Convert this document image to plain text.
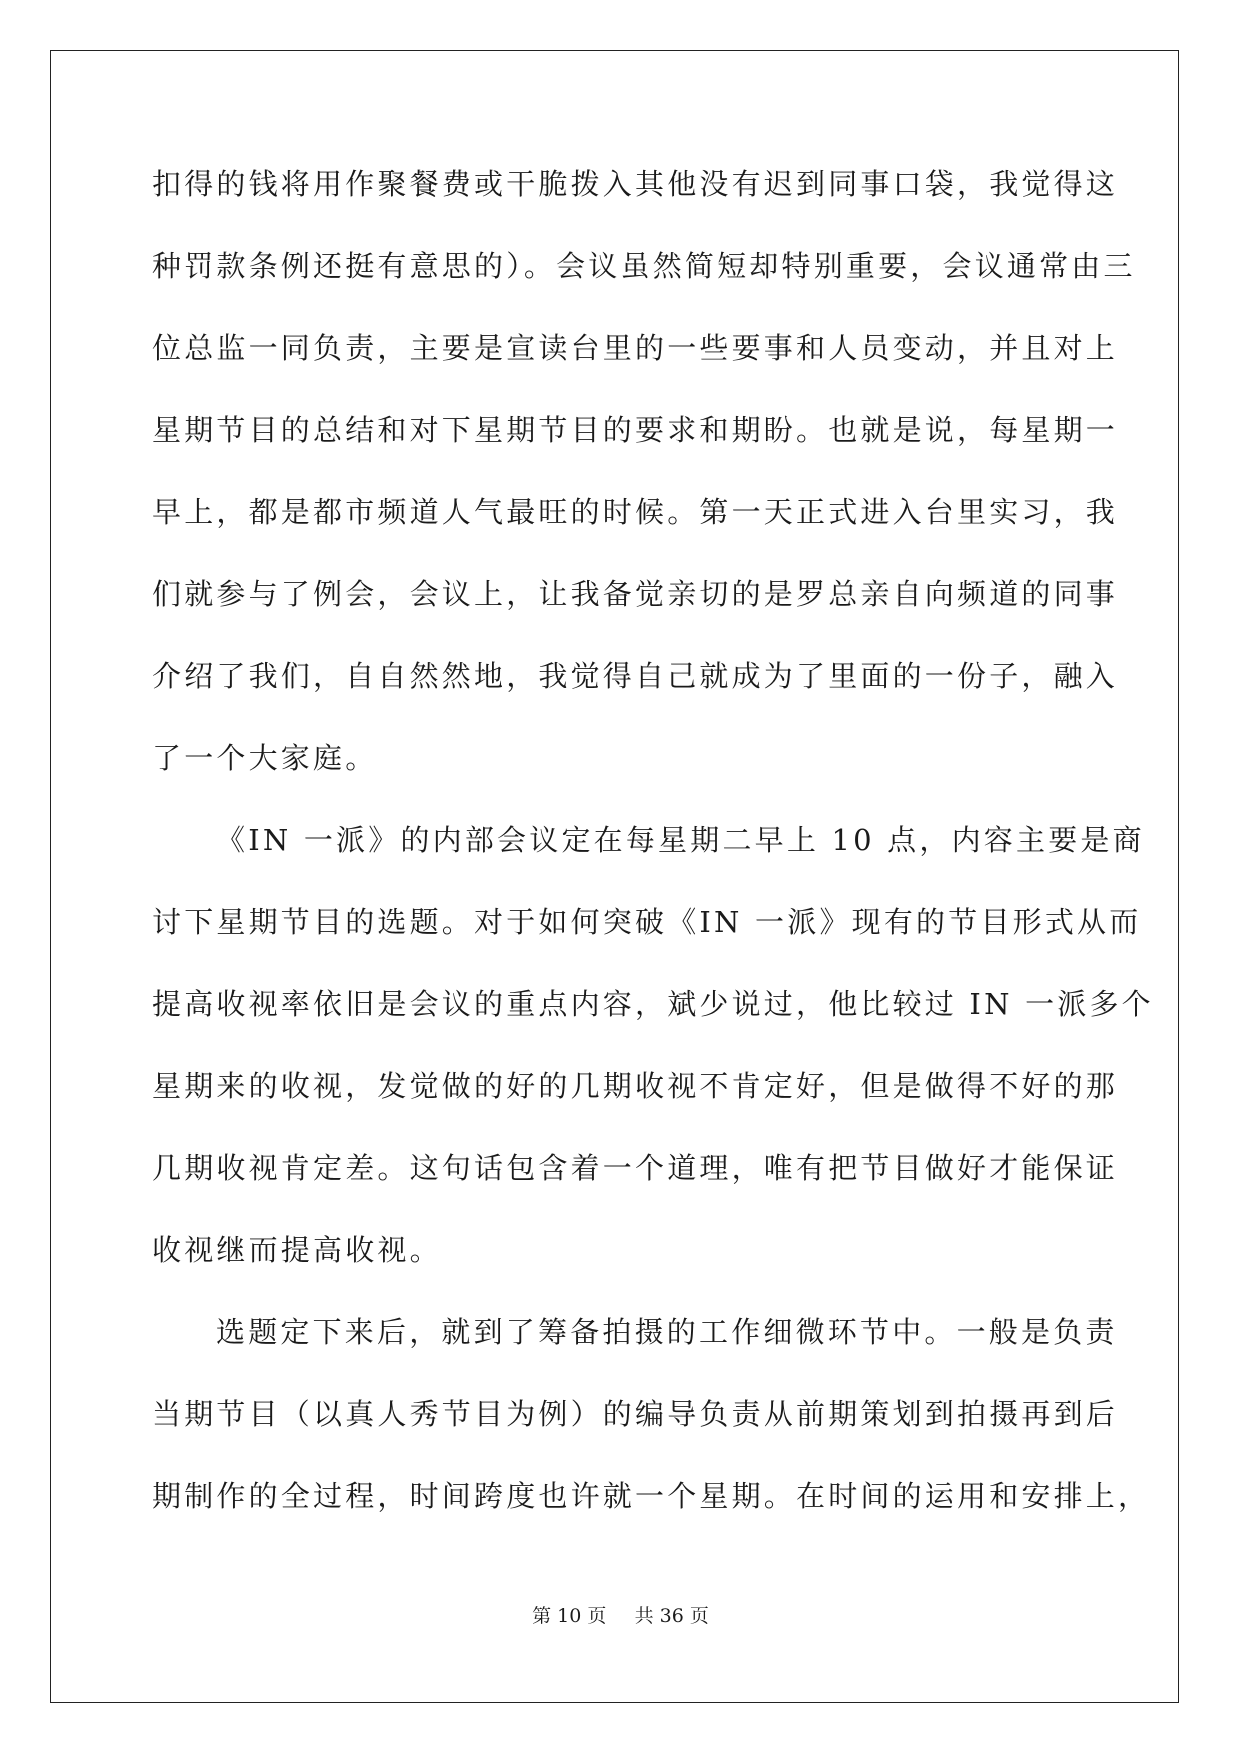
扣得的钱将用作聚餐费或干脆拨入其他没有迟到同事口袋，我觉得这
种罚款条例还挺有意思的）。会议虽然简短却特别重要，会议通常由三
位总监一同负责，主要是宣读台里的一些要事和人员变动，并且对上
星期节目的总结和对下星期节目的要求和期盼。也就是说，每星期一
早上，都是都市频道人气最旺的时候。第一天正式进入台里实习，我
们就参与了例会，会议上，让我备觉亲切的是罗总亲自向频道的同事
介绍了我们，自自然然地，我觉得自己就成为了里面的一份子，融入
了一个大家庭。
《IN 一派》的内部会议定在每星期二早上 10 点，内容主要是商
讨下星期节目的选题。对于如何突破《IN 一派》现有的节目形式从而
提高收视率依旧是会议的重点内容，斌少说过，他比较过 IN 一派多个
星期来的收视，发觉做的好的几期收视不肯定好，但是做得不好的那
几期收视肯定差。这句话包含着一个道理，唯有把节目做好才能保证
收视继而提高收视。
选题定下来后，就到了筹备拍摄的工作细微环节中。一般是负责
当期节目（以真人秀节目为例）的编导负责从前期策划到拍摄再到后
期制作的全过程，时间跨度也许就一个星期。在时间的运用和安排上，
第 10 页 共 36 页
